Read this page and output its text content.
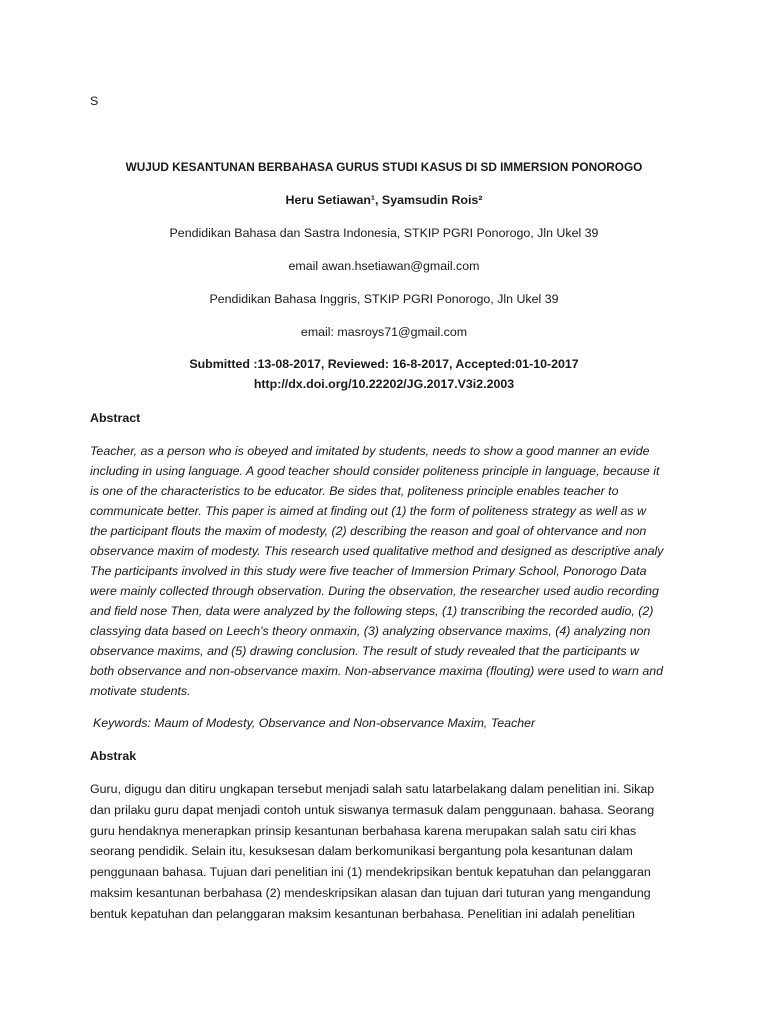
S
WUJUD KESANTUNAN BERBAHASA GURUS STUDI KASUS DI SD IMMERSION PONOROGO
Heru Setiawan¹, Syamsudin Rois²
Pendidikan Bahasa dan Sastra Indonesia, STKIP PGRI Ponorogo, Jln Ukel 39
email awan.hsetiawan@gmail.com
Pendidikan Bahasa Inggris, STKIP PGRI Ponorogo, Jln Ukel 39
email: masroys71@gmail.com
Submitted :13-08-2017, Reviewed: 16-8-2017, Accepted:01-10-2017
http://dx.doi.org/10.22202/JG.2017.V3i2.2003
Abstract
Teacher, as a person who is obeyed and imitated by students, needs to show a good manner an evide
including in using language. A good teacher should consider politeness principle in language, because it
is one of the characteristics to be educator. Be sides that, politeness principle enables teacher to
communicate better. This paper is aimed at finding out (1) the form of politeness strategy as well as w
the participant flouts the maxim of modesty, (2) describing the reason and goal of ohtervance and non
observance maxim of modesty. This research used qualitative method and designed as descriptive analy
The participants involved in this study were five teacher of Immersion Primary School, Ponorogo Data
were mainly collected through observation. During the observation, the researcher used audio recording
and field nose Then, data were analyzed by the following steps, (1) transcribing the recorded audio, (2)
classying data based on Leech's theory onmaxin, (3) analyzing observance maxims, (4) analyzing non
observance maxims, and (5) drawing conclusion. The result of study revealed that the participants w
both observance and non-observance maxim. Non-abservance maxima (flouting) were used to warn and
motivate students.
Keywords: Maum of Modesty, Observance and Non-observance Maxim, Teacher
Abstrak
Guru, digugu dan ditiru ungkapan tersebut menjadi salah satu latarbelakang dalam penelitian ini. Sikap
dan prilaku guru dapat menjadi contoh untuk siswanya termasuk dalam penggunaan. bahasa. Seorang
guru hendaknya menerapkan prinsip kesantunan berbahasa karena merupakan salah satu ciri khas
seorang pendidik. Selain itu, kesuksesan dalam berkomunikasi bergantung pola kesantunan dalam
penggunaan bahasa. Tujuan dari penelitian ini (1) mendekripsikan bentuk kepatuhan dan pelanggaran
maksim kesantunan berbahasa (2) mendeskripsikan alasan dan tujuan dari tuturan yang mengandung
bentuk kepatuhan dan pelanggaran maksim kesantunan berbahasa. Penelitian ini adalah penelitian
